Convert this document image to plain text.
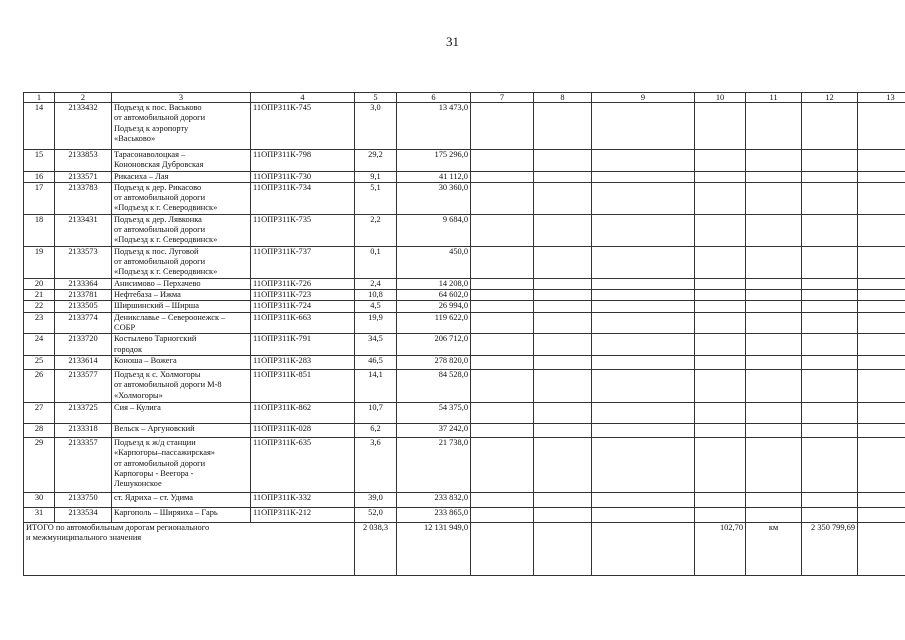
31
1	2	3	4	5	6	7	8	9	10	11	12	13
14	2133432	Подъезд к пос. Васьково
от автомобильной дороги
Подъезд к аэропорту
«Васьково»	11ОПРЗ11К-745	3,0	13 473,0							
15	2133853	Тарасонаволоцкая –
Кононовская Дубровская	11ОПРЗ11К-798	29,2	175 296,0							
16	2133571	Рикасиха – Лая	11ОПРЗ11К-730	9,1	41 112,0							
17	2133783	Подъезд к дер. Рикасово
от автомобильной дороги
«Подъезд к г. Северодвинск»	11ОПРЗ11К-734	5,1	30 360,0							
18	2133431	Подъезд к дер. Лявконка
от автомобильной дороги
«Подъезд к г. Северодвинск»	11ОПРЗ11К-735	2,2	9 684,0							
19	2133573	Подъезд к пос. Луговой
от автомобильной дороги
«Подъезд к г. Северодвинск»	11ОПРЗ11К-737	0,1	450,0							
20	2133364	Анисимово – Перхачево	11ОПРЗ11К-726	2,4	14 208,0							
21	2133781	Нефтебаза – Ижма	11ОПРЗ11К-723	10,8	64 602,0							
22	2133505	Ширшинский – Ширша	11ОПРЗ11К-724	4,5	26 994,0							
23	2133774	Деникславье – Североонежск –
СОБР	11ОПРЗ11К-663	19,9	119 622,0							
24	2133720	Костылево Тарногский
городок	11ОПРЗ11К-791	34,5	206 712,0							
25	2133614	Коноша – Вожега	11ОПРЗ11К-283	46,5	278 820,0							
26	2133577	Подъезд к с. Холмогоры
от автомобильной дороги М-8
«Холмогоры»	11ОПРЗ11К-851	14,1	84 528,0							
27	2133725	Сия – Кулига	11ОПРЗ11К-862	10,7	54 375,0							
28	2133318	Вельск – Аргуновский	11ОПРЗ11К-028	6,2	37 242,0							
29	2133357	Подъезд к ж/д станции
«Карпогоры–пассажирская»
от автомобильной дороги
Карпогоры - Веегора -
Лешуконское	11ОПРЗ11К-635	3,6	21 738,0							
30	2133750	ст. Ядриха – ст. Удима	11ОПРЗ11К-332	39,0	233 832,0							
31	2133534	Каргополь – Ширяиха – Гарь	11ОПРЗ11К-212	52,0	233 865,0							
ИТОГО по автомобильным дорогам регионального
и межмуниципального значения				2 038,3	12 131 949,0				102,70	км	2 350 799,69	
